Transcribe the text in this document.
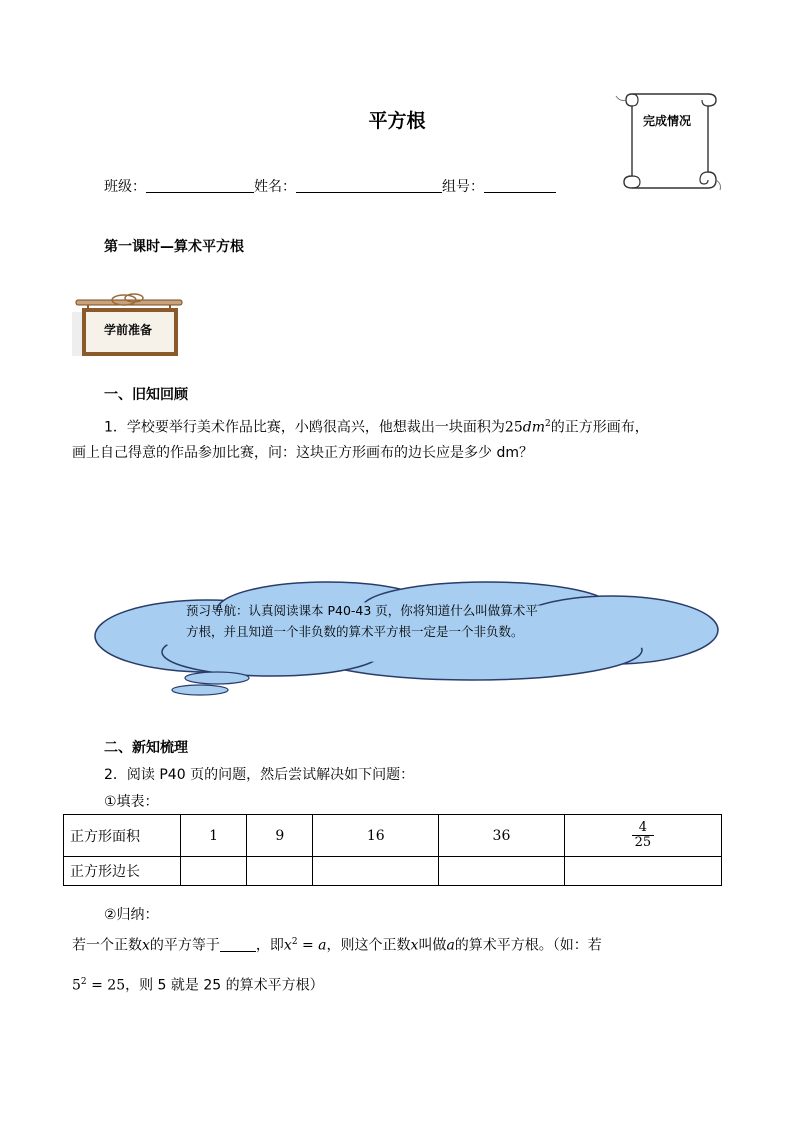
平方根	完成情况
班级：	姓名：	组号：
第一课时—算术平方根
学前准备
一、旧知回顾
1．学校要举行美术作品比赛，小鸥很高兴，他想裁出一块面积为$25dm^2$的正方形画布，
画上自己得意的作品参加比赛，问：这块正方形画布的边长应是多少 dm？
预习导航：认真阅读课本 P40-43 页，你将知道什么叫做算术平
方根，并且知道一个非负数的算术平方根一定是一个非负数。
二、新知梳理
2．阅读 P40 页的问题，然后尝试解决如下问题：
①填表：
正方形面积	1	9	16	36	$\frac{4}{25}$

正方形边长					
②归纳：
若一个正数x的平方等于	，即$x^2 = a$，则这个正数x叫做a的算术平方根。（如：若
$5^2 = 25$，则 5 就是 25 的算术平方根）
